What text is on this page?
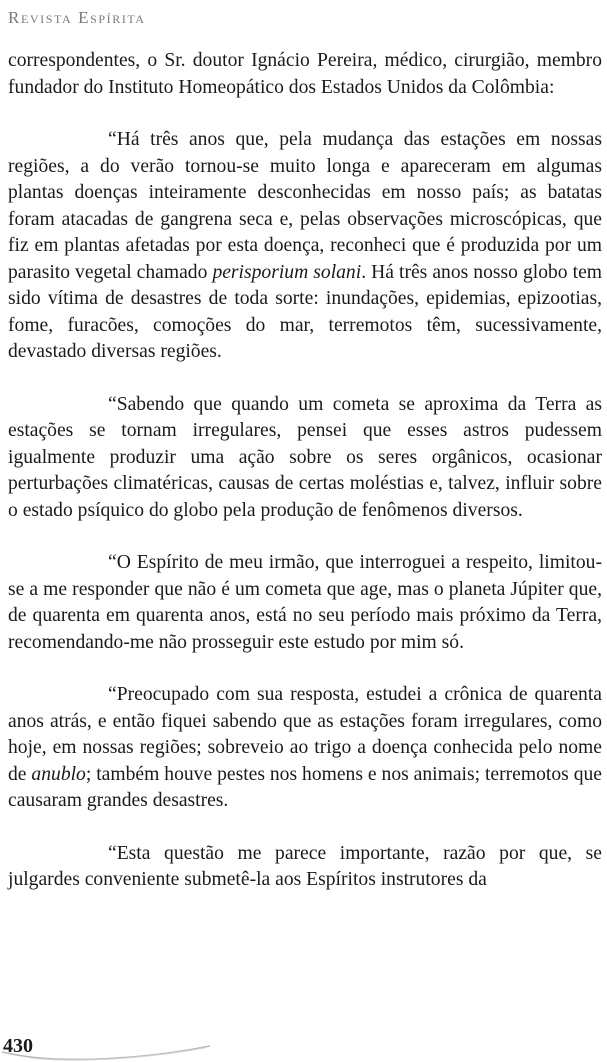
Revista Espírita

correspondentes, o Sr. doutor Ignácio Pereira, médico, cirurgião, membro fundador do Instituto Homeopático dos Estados Unidos da Colômbia:

“Há três anos que, pela mudança das estações em nossas regiões, a do verão tornou-se muito longa e apareceram em algumas plantas doenças inteiramente desconhecidas em nosso país; as batatas foram atacadas de gangrena seca e, pelas observações microscópicas, que fiz em plantas afetadas por esta doença, reconheci que é produzida por um parasito vegetal chamado perisporium solani. Há três anos nosso globo tem sido vítima de desastres de toda sorte: inundações, epidemias, epizootias, fome, furacões, comoções do mar, terremotos têm, sucessivamente, devastado diversas regiões.

“Sabendo que quando um cometa se aproxima da Terra as estações se tornam irregulares, pensei que esses astros pudessem igualmente produzir uma ação sobre os seres orgânicos, ocasionar perturbações climatéricas, causas de certas moléstias e, talvez, influir sobre o estado psíquico do globo pela produção de fenômenos diversos.

“O Espírito de meu irmão, que interroguei a respeito, limitou-se a me responder que não é um cometa que age, mas o planeta Júpiter que, de quarenta em quarenta anos, está no seu período mais próximo da Terra, recomendando-me não prosseguir este estudo por mim só.

“Preocupado com sua resposta, estudei a crônica de quarenta anos atrás, e então fiquei sabendo que as estações foram irregulares, como hoje, em nossas regiões; sobreveio ao trigo a doença conhecida pelo nome de anublo; também houve pestes nos homens e nos animais; terremotos que causaram grandes desastres.

“Esta questão me parece importante, razão por que, se julgardes conveniente submetê-la aos Espíritos instrutores da

430
